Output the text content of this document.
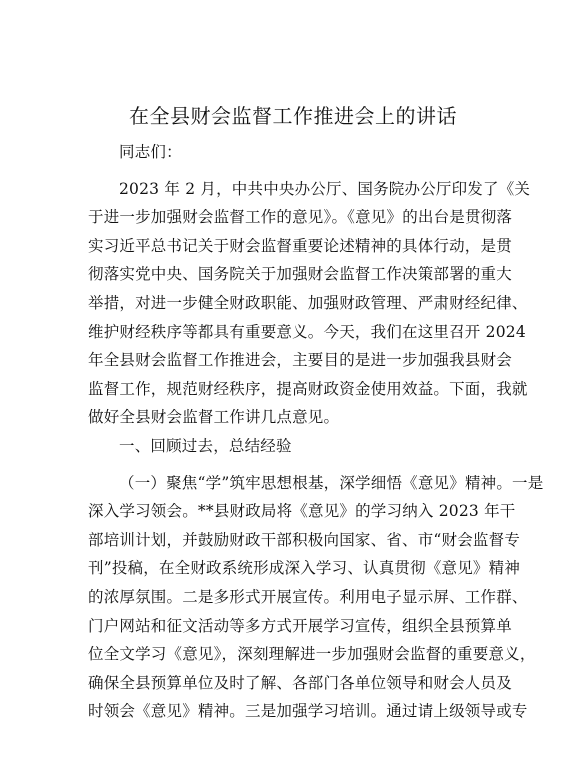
在全县财会监督工作推进会上的讲话
同志们：
2023 年 2 月，中共中央办公厅、国务院办公厅印发了《关
于进一步加强财会监督工作的意见》。《意见》的出台是贯彻落
实习近平总书记关于财会监督重要论述精神的具体行动，是贯
彻落实党中央、国务院关于加强财会监督工作决策部署的重大
举措，对进一步健全财政职能、加强财政管理、严肃财经纪律、
维护财经秩序等都具有重要意义。今天，我们在这里召开 2024
年全县财会监督工作推进会，主要目的是进一步加强我县财会
监督工作，规范财经秩序，提高财政资金使用效益。下面，我就
做好全县财会监督工作讲几点意见。
一、回顾过去，总结经验
（一）聚焦“学”筑牢思想根基，深学细悟《意见》精神。一是
深入学习领会。**县财政局将《意见》的学习纳入 2023 年干
部培训计划，并鼓励财政干部积极向国家、省、市“财会监督专
刊”投稿，在全财政系统形成深入学习、认真贯彻《意见》精神
的浓厚氛围。二是多形式开展宣传。利用电子显示屏、工作群、
门户网站和征文活动等多方式开展学习宣传，组织全县预算单
位全文学习《意见》，深刻理解进一步加强财会监督的重要意义，
确保全县预算单位及时了解、各部门各单位领导和财会人员及
时领会《意见》精神。三是加强学习培训。通过请上级领导或专
